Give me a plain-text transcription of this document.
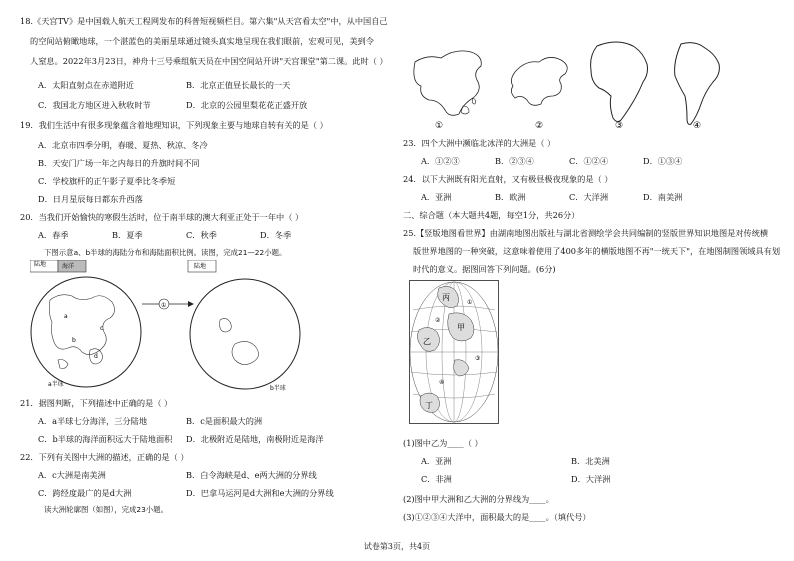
18.《天宫TV》是中国载人航天工程网发布的科普短视频栏目。第六集"从天宫看太空"中，从中国自己
的空间站俯瞰地球，一个湛蓝色的美丽星球通过镜头真实地呈现在我们眼前，宏观可见，美到令
人窒息。2022年3月23日，神舟十三号乘组航天员在中国空间站开讲"天宫课堂"第二课。此时（ ）
A．太阳直射点在赤道附近	B．北京正值昼长最长的一天
C．我国北方地区进入秋收时节	D．北京的公园里梨花花正盛开放
19．我们生活中有很多现象蕴含着地理知识，下列现象主要与地球自转有关的是（ ）
A．北京市四季分明，春暖、夏热、秋凉、冬冷
B．天安门广场一年之内每日的升旗时间不同
C．学校旗杆的正午影子夏季比冬季短
D．日月星辰每日都东升西落
20．当我们开始愉快的寒假生活时，位于南半球的澳大利亚正处于一年中（ ）
A．春季	B．夏季	C．秋季	D．冬季
下图示意a、b半球的海陆分布和海陆面积比例。读图，完成21—22小题。
陆地	海洋	陆地
a
b
c
d
a半球
①
b半球
21．据图判断，下列描述中正确的是（ ）
A．a半球七分海洋，三分陆地	B．c是面积最大的洲
C．b半球的海洋面积远大于陆地面积 D．北极附近是陆地，南极附近是海洋
22．下列有关图中大洲的描述，正确的是（ ）
A．c大洲是南美洲	B．白令海峡是d、e两大洲的分界线
C．跨经度最广的是d大洲	D．巴拿马运河是d大洲和e大洲的分界线
读大洲轮廓图（如图），完成23小题。
①	②	③	④
23．四个大洲中濒临北冰洋的大洲是（ ）
A．①②③	B．②③④	C．①②④	D．①③④
24．以下大洲既有阳光直射，又有极昼极夜现象的是（ ）
A．亚洲	B．欧洲	C．大洋洲	D．南美洲
二、综合题（本大题共4题，每空1分，共26分）
25.【竖版地图看世界】由湖南地图出版社与湖北省测绘学会共同编制的竖版世界知识地图是对传统横
版世界地图的一种突破，这意味着使用了400多年的横版地图不再"一统天下"，在地图制图领域具有划
时代的意义。据图回答下列问题。(6分)
丙
甲
乙
丁
①
②
③
④
(1)图中乙为____（ ）
A．亚洲	B．北美洲
C．非洲	D．大洋洲
(2)图中甲大洲和乙大洲的分界线为____。
(3)①②③④大洋中，面积最大的是____。（填代号）
试卷第3页，共4页
